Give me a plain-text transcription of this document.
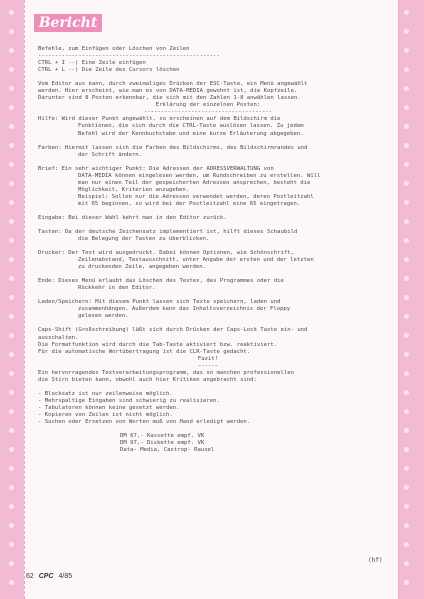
Bericht
Befehle, zum Einfügen oder Löschen von Zeilen
------------------------------------------------------
CTRL + I --) Eine Zeile einfügen
CTRL + L --) Die Zeile des Cursors löschen
Vom Editor aus kann, durch zweimaliges Drücken der ESC-Taste, ein Menü angewählt
werden. Hier erscheint, wie man es von DATA-MEDIA gewohnt ist, die Kopfzeile.
Darunter sind 8 Posten erkennbar, die sich mit den Zahlen 1-8 anwählen lassen.
Erklärung der einzelnen Posten:
--------------------------------------
Hilfe: Wird dieser Punkt angewählt, so erscheinen auf dem Bildschirm die
Funktionen, die sich durch die CTRL-Taste auslösen lassen. Zu jedem
Befehl wird der Kennbuchstabe und eine kurze Erläuterung abgegeben.
Farben: Hiermit lassen sich die Farben des Bildschirms, des Bildschirmrandes und
der Schrift ändern.
Brief: Ein sehr wichtiger Punkt: Die Adressen der ADRESSVERWALTUNG von
DATA-MEDIA können eingelesen werden, um Rundschreiben zu erstellen. Will
man nur einen Teil der gespeicherten Adressen ansprechen, besteht die
Möglichkeit, Kriterien anzugeben.
Beispiel: Sollen nur die Adressen verwendet werden, deren Postleitzahl
mit 65 beginnen, so wird bei der Postleitzahl eine 65 eingetragen.
Eingabe: Bei dieser Wahl kehrt man in den Editor zurück.
Tasten: Da der deutsche Zeichensatz implementiert ist, hilft dieses Schaubild
die Belegung der Tasten zu überblicken.
Drucker: Der Text wird ausgedruckt. Dabei können Optionen, wie Schönschrift,
Zeilenabstand, Textausschnitt, unter Angabe der ersten und der letzten
zu druckenden Zeile, angegeben werden.
Ende: Dieses Menü erlaubt das Löschen des Textes, des Programmes oder die
Rückkehr in den Editor.
Laden/Speichern: Mit diesem Punkt lassen sich Texte speichern, laden und
zusammenhängen. Außerdem kann das Inhaltsverzeichnis der Floppy
gelesen werden.
Caps-Shift (Großschreibung) läßt sich durch Drücken der Caps-Lock Taste ein- und
ausschalten.
Die Formatfunktion wird durch die Tab-Taste aktiviert bzw. reaktiviert.
Für die automatische Wortübertragung ist die CLR-Taste gedacht.
Fazit!
------
Ein hervorragendes Textverarbeitungsprogramm, das so manchen professionellen
die Stirn bieten kann, obwohl auch hier Kritiken angebracht sind:
- Blocksatz ist nur zeilenweise möglich.
- Mehrspaltige Eingaben sind schwierig zu realisieren.
- Tabulatoren können keine gesetzt werden.
- Kopieren von Zeilen ist nicht möglich.
- Suchen oder Ersetzen von Worten muß von Hand erledigt werden.
DM 67,- Kassette empf. VK
DM 97,- Diskette empf. VK
Data- Media, Castrop- Rauxel
(hf)
62 CPC 4/85
